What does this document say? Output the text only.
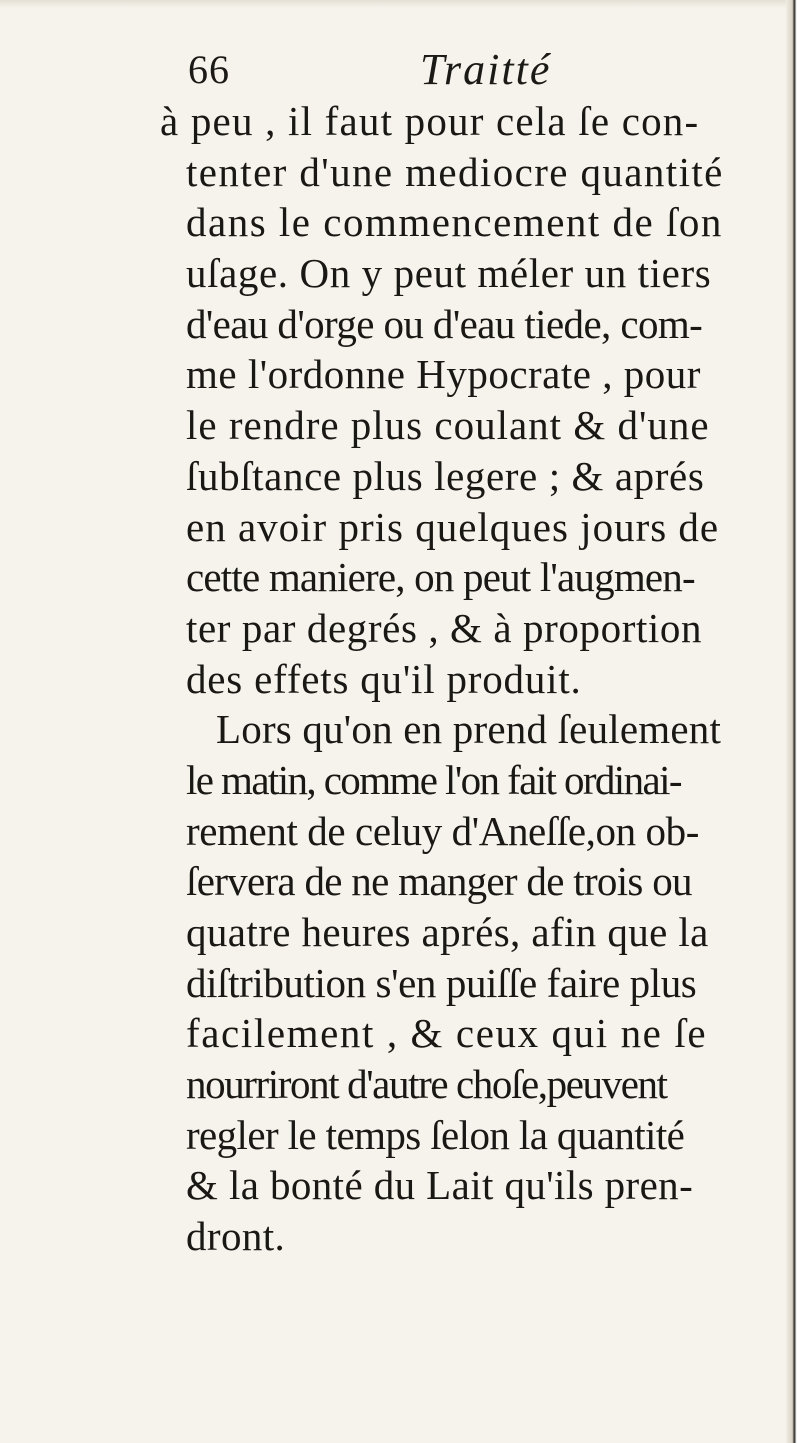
66	Traitté
à peu , il faut pour cela ſe con-
tenter d'une mediocre quantité
dans le commencement de ſon
uſage. On y peut méler un tiers
d'eau d'orge ou d'eau tiede, com-
me l'ordonne Hypocrate , pour
le rendre plus coulant & d'une
ſubſtance plus legere ; & aprés
en avoir pris quelques jours de
cette maniere, on peut l'augmen-
ter par degrés , & à proportion
des effets qu'il produit.
Lors qu'on en prend ſeulement
le matin, comme l'on fait ordinai-
rement de celuy d'Aneſſe,on ob-
ſervera de ne manger de trois ou
quatre heures aprés, afin que la
diſtribution s'en puiſſe faire plus
facilement , & ceux qui ne ſe
nourriront d'autre choſe,peuvent
regler le temps ſelon la quantité
& la bonté du Lait qu'ils pren-
dront.
